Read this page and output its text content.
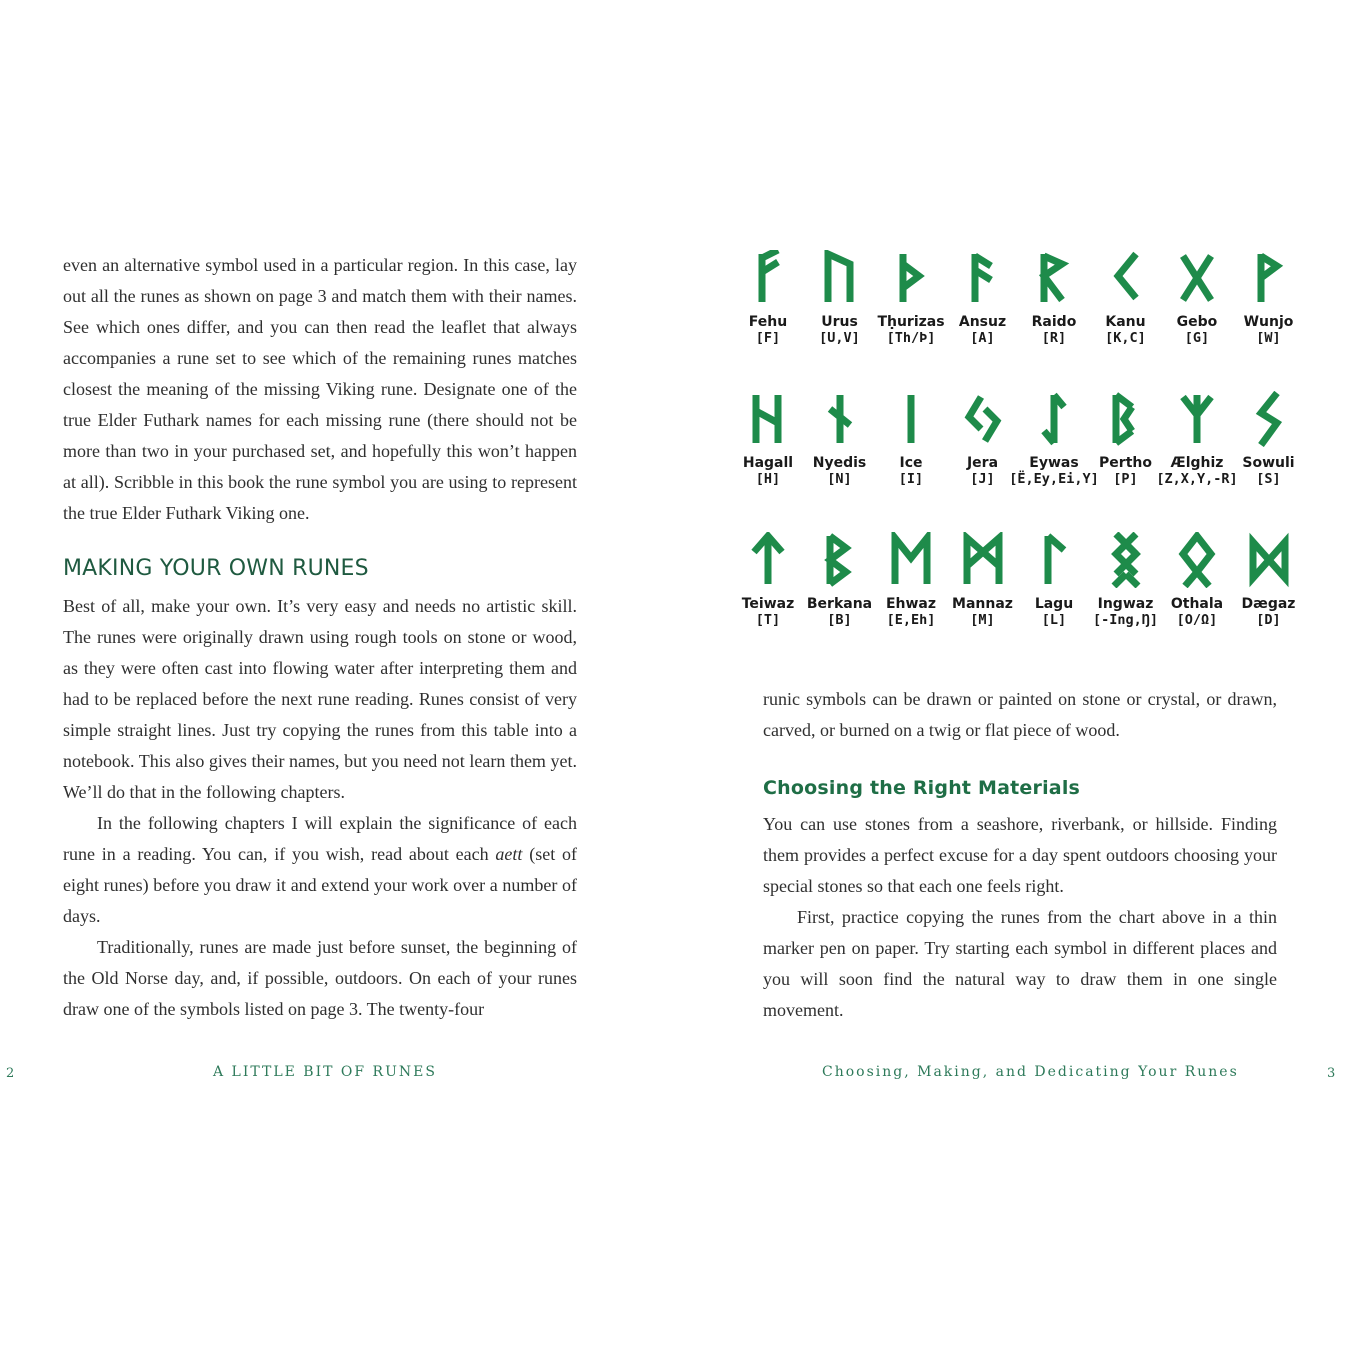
even an alternative symbol used in a particular region. In this case, lay out all the runes as shown on page 3 and match them with their names. See which ones differ, and you can then read the leaflet that always accompanies a rune set to see which of the remaining runes matches closest the meaning of the missing Viking rune. Designate one of the true Elder Futhark names for each missing rune (there should not be more than two in your purchased set, and hopefully this won’t happen at all). Scribble in this book the rune symbol you are using to represent the true Elder Futhark Viking one.

MAKING YOUR OWN RUNES

Best of all, make your own. It’s very easy and needs no artistic skill. The runes were originally drawn using rough tools on stone or wood, as they were often cast into flowing water after interpreting them and had to be replaced before the next rune reading. Runes consist of very simple straight lines. Just try copying the runes from this table into a notebook. This also gives their names, but you need not learn them yet. We’ll do that in the following chapters.

In the following chapters I will explain the significance of each rune in a reading. You can, if you wish, read about each aett (set of eight runes) before you draw it and extend your work over a number of days.

Traditionally, runes are made just before sunset, the beginning of the Old Norse day, and, if possible, outdoors. On each of your runes draw one of the symbols listed on page 3. The twenty-four

2	A LITTLE BIT OF RUNES
Fehu
[F]
Urus
[U,V]
Tḥurizas
[Th/Þ]
Ansuz
[A]
Raido
[R]
Kanu
[K,C]
Gebo
[G]
Wunjo
[W]
Hagall
[H]
Nyedis
[N]
Ice
[I]
Jera
[J]
Eywas
[Ë,Ey,Ei,Y]
Pertho
[P]
Ælghiz
[Z,X,Y,-R]
Sowuli
[S]
Teiwaz
[T]
Berkana
[B]
Ehwaz
[E,Eh]
Mannaz
[M]
Lagu
[L]
Ingwaz
[-Ing,Ŋ]
Othala
[O/Ω]
Dægaz
[D]

runic symbols can be drawn or painted on stone or crystal, or drawn, carved, or burned on a twig or flat piece of wood.

Choosing the Right Materials

You can use stones from a seashore, riverbank, or hillside. Finding them provides a perfect excuse for a day spent outdoors choosing your special stones so that each one feels right.

First, practice copying the runes from the chart above in a thin marker pen on paper. Try starting each symbol in different places and you will soon find the natural way to draw them in one single movement.

Choosing, Making, and Dedicating Your Runes	3
